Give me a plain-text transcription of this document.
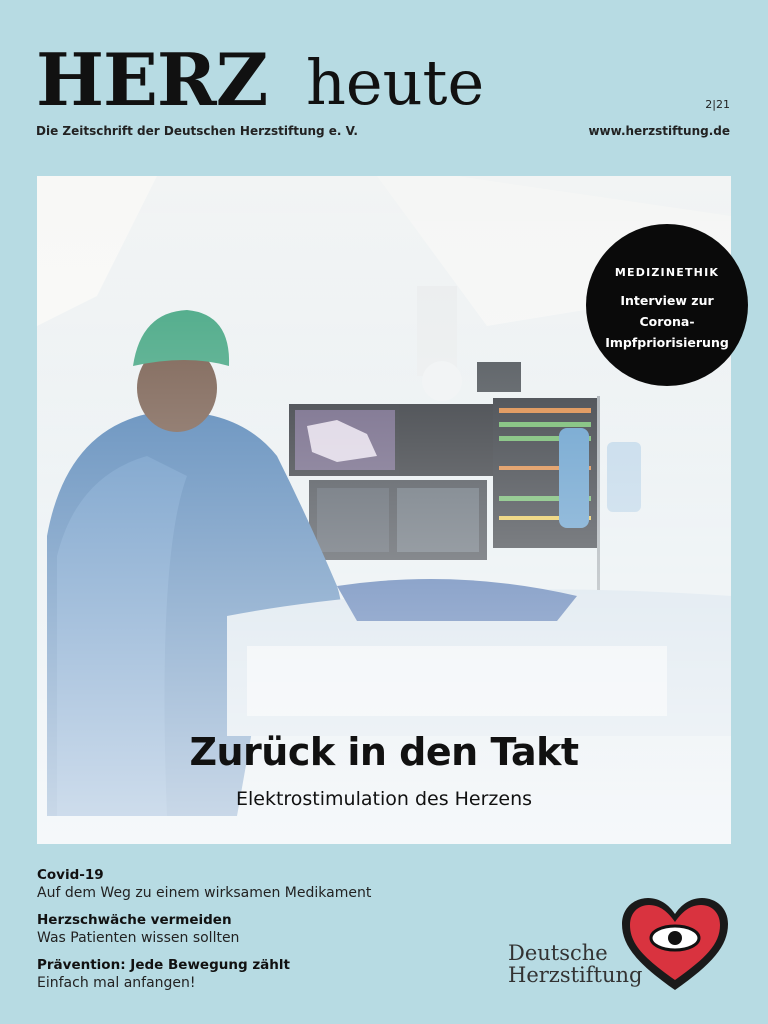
HERZ heute
Die Zeitschrift der Deutschen Herzstiftung e. V.
2|21
www.herzstiftung.de
Zurück in den Takt
Elektrostimulation des Herzens
MEDIZINETHIK
Interview zur Corona-Impfpriorisierung
Covid-19
Auf dem Weg zu einem wirksamen Medikament
Herzschwäche vermeiden
Was Patienten wissen sollten
Prävention: Jede Bewegung zählt
Einfach mal anfangen!
Deutsche
Herzstiftung
